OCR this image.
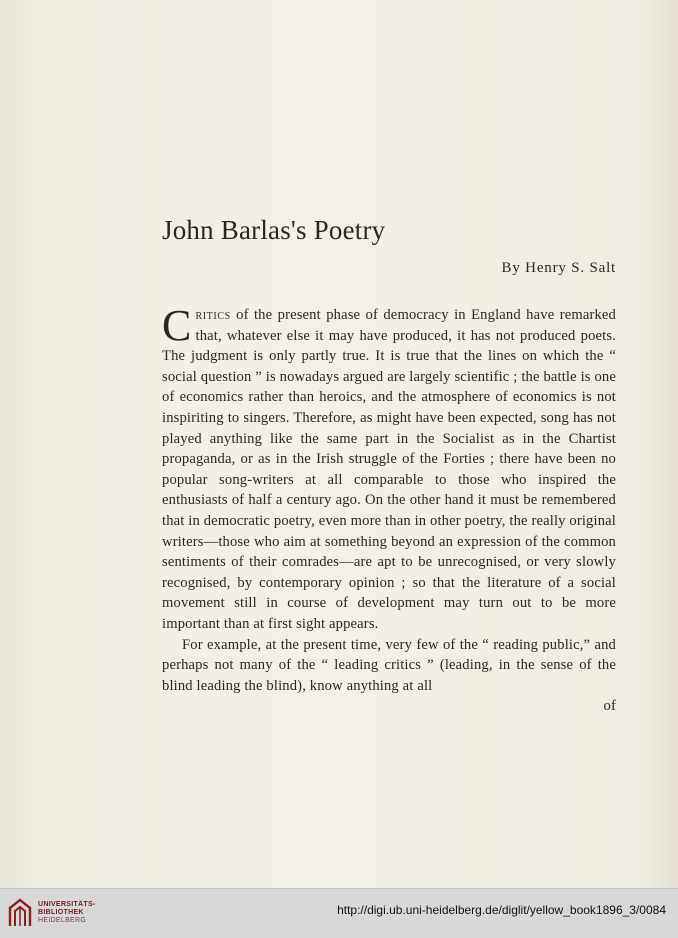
John Barlas's Poetry
By Henry S. Salt

Critics of the present phase of democracy in England have remarked that, whatever else it may have produced, it has not produced poets. The judgment is only partly true. It is true that the lines on which the “ social question ” is nowadays argued are largely scientific ; the battle is one of economics rather than heroics, and the atmosphere of economics is not inspiriting to singers. Therefore, as might have been expected, song has not played anything like the same part in the Socialist as in the Chartist propaganda, or as in the Irish struggle of the Forties ; there have been no popular song-writers at all comparable to those who inspired the enthusiasts of half a century ago. On the other hand it must be remembered that in democratic poetry, even more than in other poetry, the really original writers—those who aim at something beyond an expression of the common sentiments of their comrades—are apt to be unrecognised, or very slowly recognised, by contemporary opinion ; so that the literature of a social movement still in course of development may turn out to be more important than at first sight appears.

For example, at the present time, very few of the “ reading public,” and perhaps not many of the “ leading critics ” (leading, in the sense of the blind leading the blind), know anything at all

of

UNIVERSITÄTS-
BIBLIOTHEK
HEIDELBERG
http://digi.ub.uni-heidelberg.de/diglit/yellow_book1896_3/0084
